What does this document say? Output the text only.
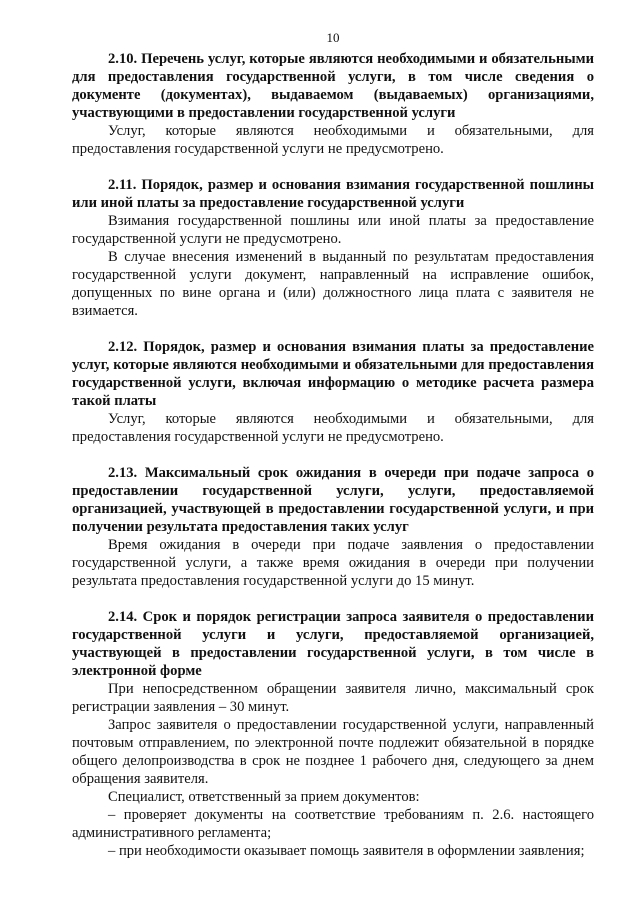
10

2.10. Перечень услуг, которые являются необходимыми и обязательными для предоставления государственной услуги, в том числе сведения о документе (документах), выдаваемом (выдаваемых) организациями, участвующими в предоставлении государственной услуги

Услуг, которые являются необходимыми и обязательными, для предоставления государственной услуги не предусмотрено.

2.11. Порядок, размер и основания взимания государственной пошлины или иной платы за предоставление государственной услуги

Взимания государственной пошлины или иной платы за предоставление государственной услуги не предусмотрено.

В случае внесения изменений в выданный по результатам предоставления государственной услуги документ, направленный на исправление ошибок, допущенных по вине органа и (или) должностного лица плата с заявителя не взимается.

2.12. Порядок, размер и основания взимания платы за предоставление услуг, которые являются необходимыми и обязательными для предоставления государственной услуги, включая информацию о методике расчета размера такой платы

Услуг, которые являются необходимыми и обязательными, для предоставления государственной услуги не предусмотрено.

2.13. Максимальный срок ожидания в очереди при подаче запроса о предоставлении государственной услуги, услуги, предоставляемой организацией, участвующей в предоставлении государственной услуги, и при получении результата предоставления таких услуг

Время ожидания в очереди при подаче заявления о предоставлении государственной услуги, а также время ожидания в очереди при получении результата предоставления государственной услуги до 15 минут.

2.14. Срок и порядок регистрации запроса заявителя о предоставлении государственной услуги и услуги, предоставляемой организацией, участвующей в предоставлении государственной услуги, в том числе в электронной форме

При непосредственном обращении заявителя лично, максимальный срок регистрации заявления – 30 минут.

Запрос заявителя о предоставлении государственной услуги, направленный почтовым отправлением, по электронной почте подлежит обязательной в порядке общего делопроизводства в срок не позднее 1 рабочего дня, следующего за днем обращения заявителя.

Специалист, ответственный за прием документов:

– проверяет документы на соответствие требованиям п. 2.6. настоящего административного регламента;

– при необходимости оказывает помощь заявителя в оформлении заявления;
